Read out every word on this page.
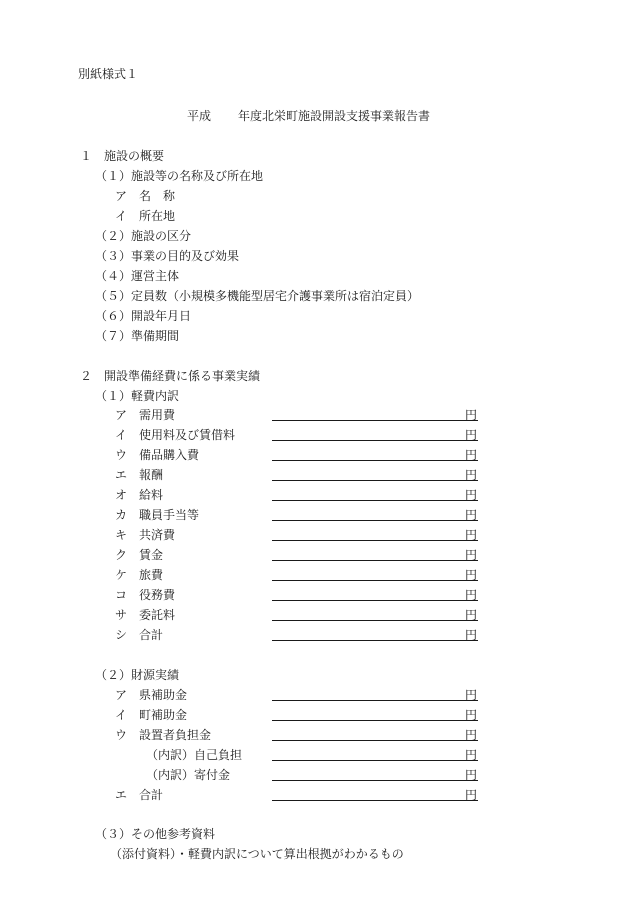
別紙様式１
平成 年度北栄町施設開設支援事業報告書
１　施設の概要
（１）施設等の名称及び所在地
ア　名　称
イ　所在地
（２）施設の区分
（３）事業の目的及び効果
（４）運営主体
（５）定員数（小規模多機能型居宅介護事業所は宿泊定員）
（６）開設年月日
（７）準備期間
２　開設準備経費に係る事業実績
（１）軽費内訳
ア　需用費	円
イ　使用料及び賃借料	円
ウ　備品購入費	円
エ　報酬	円
オ　給料	円
カ　職員手当等	円
キ　共済費	円
ク　賃金	円
ケ　旅費	円
コ　役務費	円
サ　委託料	円
シ　合計	円
（２）財源実績
ア　県補助金	円
イ　町補助金	円
ウ　設置者負担金	円
（内訳）自己負担	円
（内訳）寄付金	円
エ　合計	円
（３）その他参考資料
（添付資料）・軽費内訳について算出根拠がわかるもの
